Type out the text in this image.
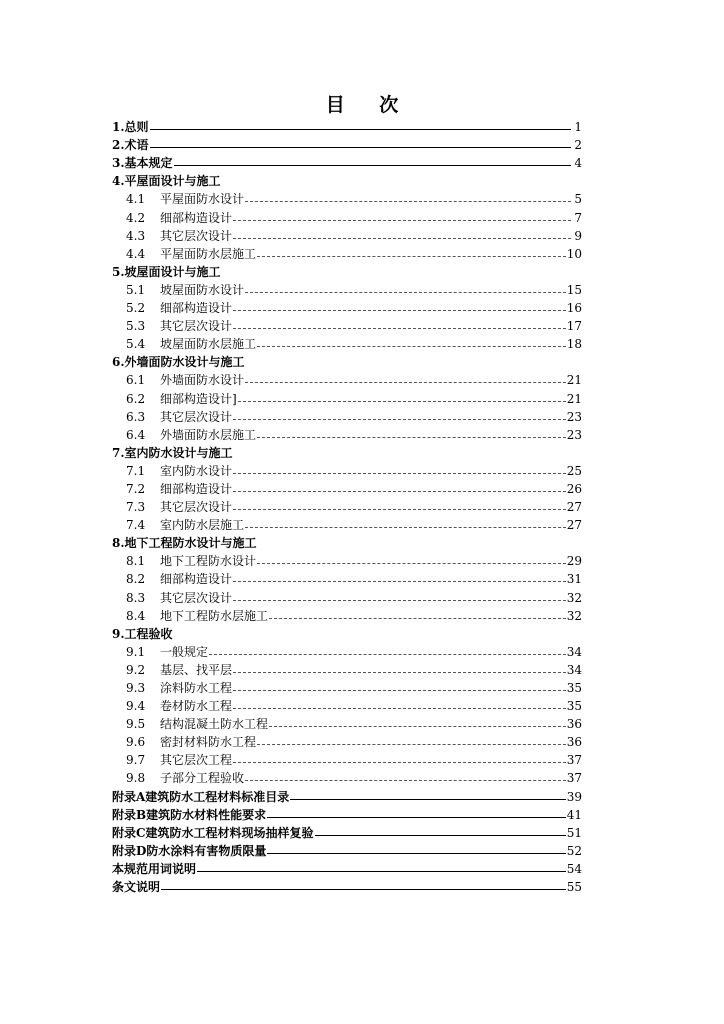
目 次
1.总则	1
2.术语	2
3.基本规定	4
4.平屋面设计与施工
4.1 平屋面防水设计	5
4.2 细部构造设计	7
4.3 其它层次设计	9
4.4 平屋面防水层施工	10
5.坡屋面设计与施工
5.1 坡屋面防水设计	15
5.2 细部构造设计	16
5.3 其它层次设计	17
5.4 坡屋面防水层施工	18
6.外墙面防水设计与施工
6.1 外墙面防水设计	21
6.2 细部构造设计]	21
6.3 其它层次设计	23
6.4 外墙面防水层施工	23
7.室内防水设计与施工
7.1 室内防水设计	25
7.2 细部构造设计	26
7.3 其它层次设计	27
7.4 室内防水层施工	27
8.地下工程防水设计与施工
8.1 地下工程防水设计	29
8.2 细部构造设计	31
8.3 其它层次设计	32
8.4 地下工程防水层施工	32
9.工程验收
9.1 一般规定	34
9.2 基层、找平层	34
9.3 涂料防水工程	35
9.4 卷材防水工程	35
9.5 结构混凝土防水工程	36
9.6 密封材料防水工程	36
9.7 其它层次工程	37
9.8 子部分工程验收	37
附录A建筑防水工程材料标准目录	39
附录B建筑防水材料性能要求	41
附录C建筑防水工程材料现场抽样复验	51
附录D防水涂料有害物质限量	52
本规范用词说明	54
条文说明	55
